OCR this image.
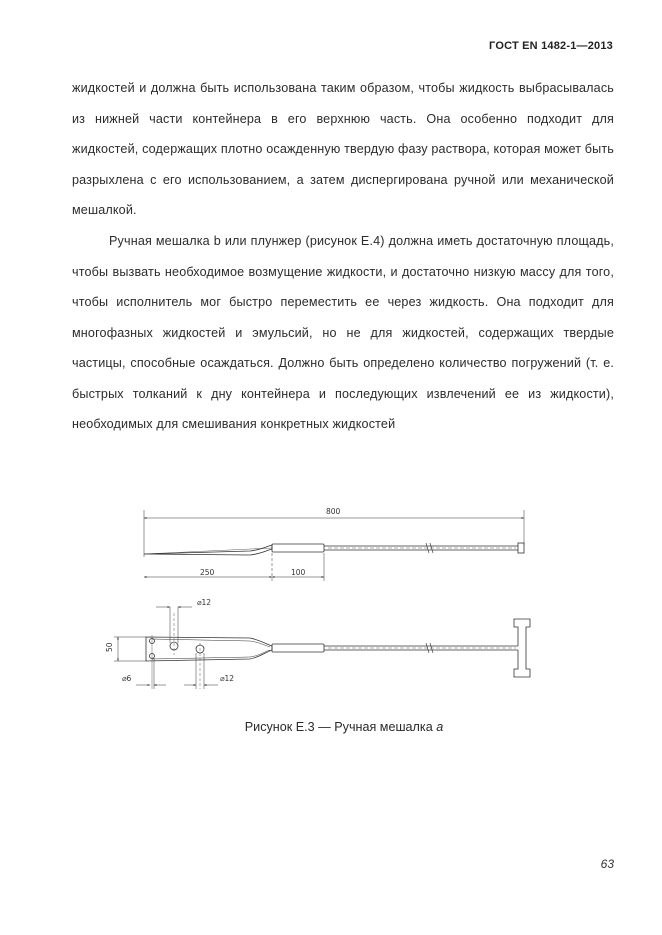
ГОСТ EN 1482-1—2013

жидкостей и должна быть использована таким образом, чтобы жидкость выбрасывалась из нижней части контейнера в его верхнюю часть. Она особенно подходит для жидкостей, содержащих плотно осажденную твердую фазу раствора, которая может быть разрыхлена с его использованием, а затем диспергирована ручной или механической мешалкой.

Ручная мешалка b или плунжер (рисунок Е.4) должна иметь достаточную площадь, чтобы вызвать необходимое возмущение жидкости, и достаточно низкую массу для того, чтобы исполнитель мог быстро переместить ее через жидкость. Она подходит для многофазных жидкостей и эмульсий, но не для жидкостей, содержащих твердые частицы, способные осаждаться. Должно быть определено количество погружений (т. е. быстрых толканий к дну контейнера и последующих извлечений ее из жидкости), необходимых для смешивания конкретных жидкостей

800
250	100
⌀12
50
⌀6	⌀12
Рисунок Е.3 — Ручная мешалка a
63
